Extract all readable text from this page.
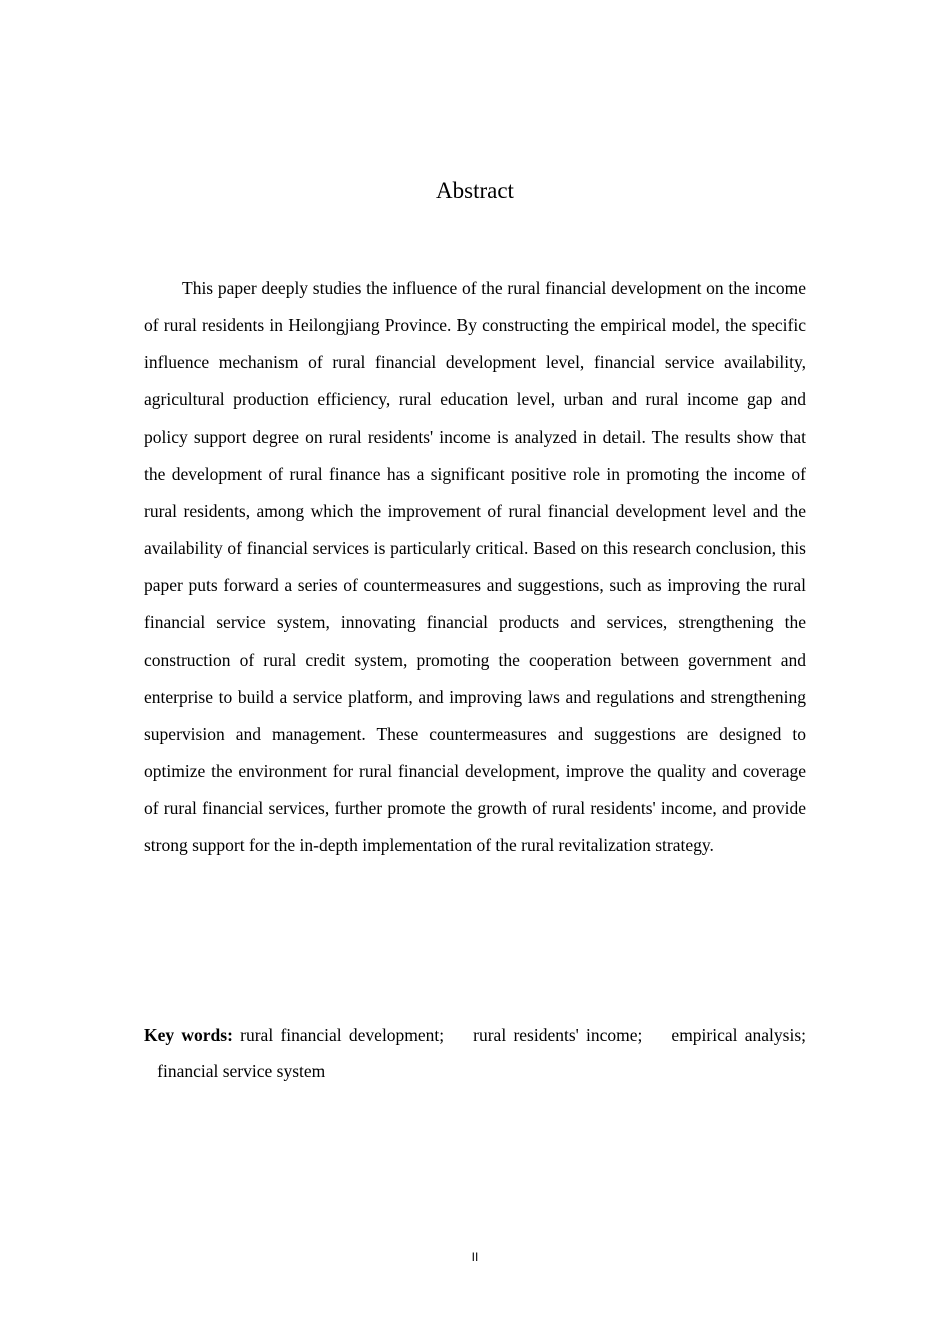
Abstract

This paper deeply studies the influence of the rural financial development on the income of rural residents in Heilongjiang Province. By constructing the empirical model, the specific influence mechanism of rural financial development level, financial service availability, agricultural production efficiency, rural education level, urban and rural income gap and policy support degree on rural residents' income is analyzed in detail. The results show that the development of rural finance has a significant positive role in promoting the income of rural residents, among which the improvement of rural financial development level and the availability of financial services is particularly critical. Based on this research conclusion, this paper puts forward a series of countermeasures and suggestions, such as improving the rural financial service system, innovating financial products and services, strengthening the construction of rural credit system, promoting the cooperation between government and enterprise to build a service platform, and improving laws and regulations and strengthening supervision and management. These countermeasures and suggestions are designed to optimize the environment for rural financial development, improve the quality and coverage of rural financial services, further promote the growth of rural residents' income, and provide strong support for the in-depth implementation of the rural revitalization strategy.

Key words: rural financial development; rural residents' income; empirical analysis;   financial service system

II
